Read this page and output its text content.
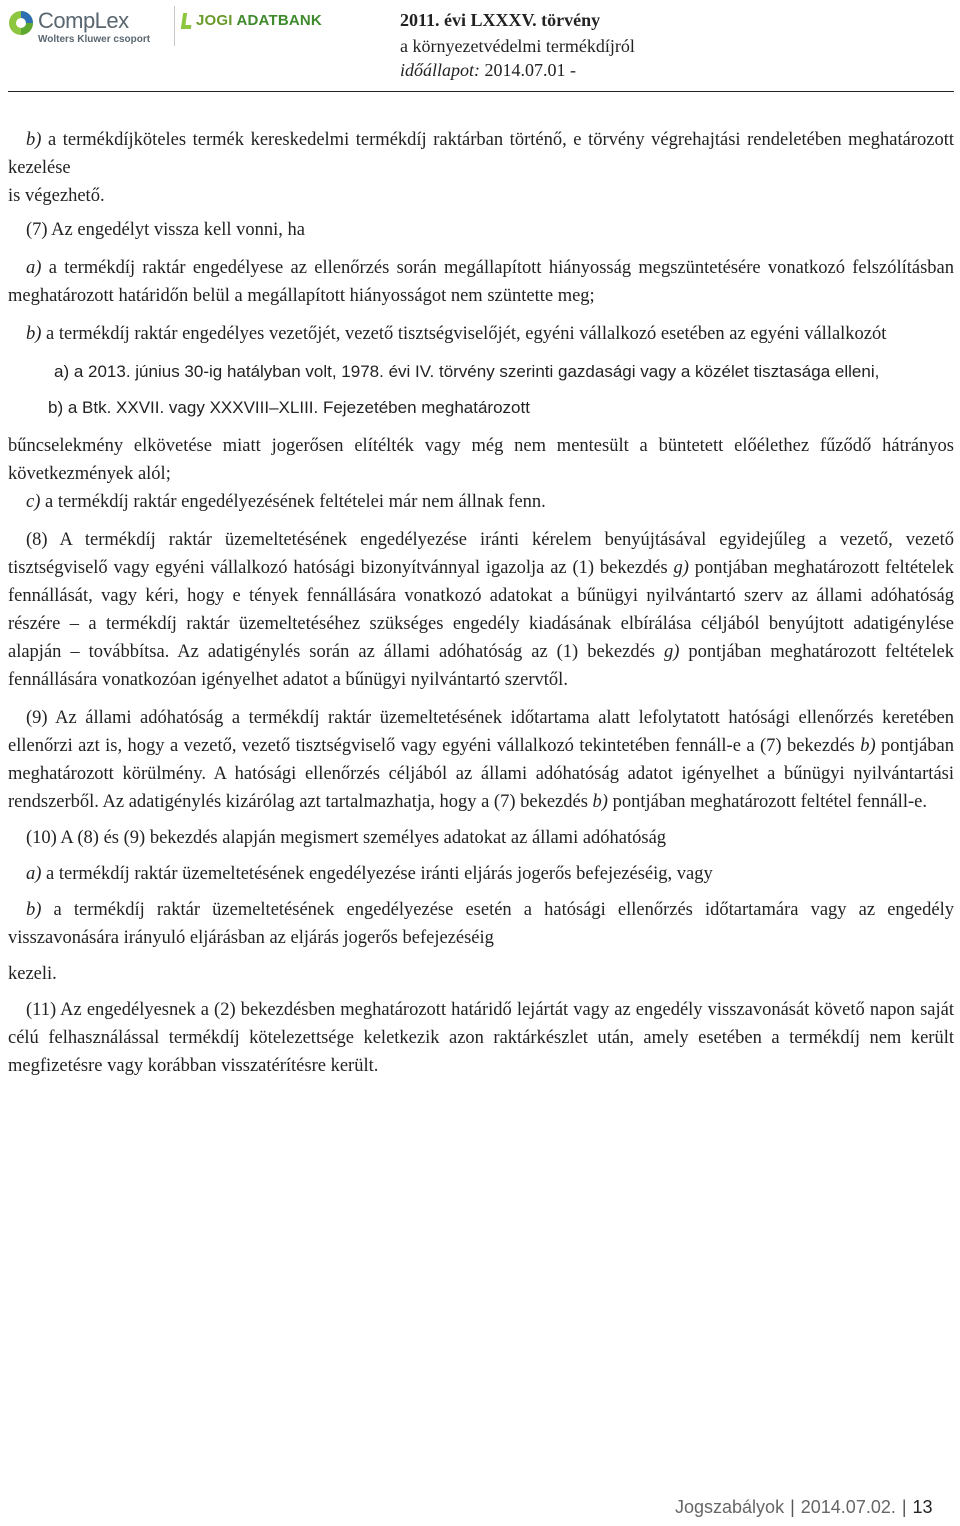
CompLex
Wolters Kluwer csoport
JOGI ADATBANK	2011. évi LXXXV. törvény
a környezetvédelmi termékdíjról
időállapot: 2014.07.01 -

b) a termékdíjköteles termék kereskedelmi termékdíj raktárban történő, e törvény végrehajtási rendeletében meghatározott kezelése

is végezhető.

(7) Az engedélyt vissza kell vonni, ha

a) a termékdíj raktár engedélyese az ellenőrzés során megállapított hiányosság megszüntetésére vonatkozó felszólításban meghatározott határidőn belül a megállapított hiányosságot nem szüntette meg;

b) a termékdíj raktár engedélyes vezetőjét, vezető tisztségviselőjét, egyéni vállalkozó esetében az egyéni vállalkozót

a) a 2013. június 30-ig hatályban volt, 1978. évi IV. törvény szerinti gazdasági vagy a közélet tisztasága elleni,

b) a Btk. XXVII. vagy XXXVIII–XLIII. Fejezetében meghatározott

bűncselekmény elkövetése miatt jogerősen elítélték vagy még nem mentesült a büntetett előélethez fűződő hátrányos következmények alól;

c) a termékdíj raktár engedélyezésének feltételei már nem állnak fenn.

(8) A termékdíj raktár üzemeltetésének engedélyezése iránti kérelem benyújtásával egyidejűleg a vezető, vezető tisztségviselő vagy egyéni vállalkozó hatósági bizonyítvánnyal igazolja az (1) bekezdés g) pontjában meghatározott feltételek fennállását, vagy kéri, hogy e tények fennállására vonatkozó adatokat a bűnügyi nyilvántartó szerv az állami adóhatóság részére – a termékdíj raktár üzemeltetéséhez szükséges engedély kiadásának elbírálása céljából benyújtott adatigénylése alapján – továbbítsa. Az adatigénylés során az állami adóhatóság az (1) bekezdés g) pontjában meghatározott feltételek fennállására vonatkozóan igényelhet adatot a bűnügyi nyilvántartó szervtől.

(9) Az állami adóhatóság a termékdíj raktár üzemeltetésének időtartama alatt lefolytatott hatósági ellenőrzés keretében ellenőrzi azt is, hogy a vezető, vezető tisztségviselő vagy egyéni vállalkozó tekintetében fennáll-e a (7) bekezdés b) pontjában meghatározott körülmény. A hatósági ellenőrzés céljából az állami adóhatóság adatot igényelhet a bűnügyi nyilvántartási rendszerből. Az adatigénylés kizárólag azt tartalmazhatja, hogy a (7) bekezdés b) pontjában meghatározott feltétel fennáll-e.

(10) A (8) és (9) bekezdés alapján megismert személyes adatokat az állami adóhatóság

a) a termékdíj raktár üzemeltetésének engedélyezése iránti eljárás jogerős befejezéséig, vagy

b) a termékdíj raktár üzemeltetésének engedélyezése esetén a hatósági ellenőrzés időtartamára vagy az engedély visszavonására irányuló eljárásban az eljárás jogerős befejezéséig

kezeli.

(11) Az engedélyesnek a (2) bekezdésben meghatározott határidő lejártát vagy az engedély visszavonását követő napon saját célú felhasználással termékdíj kötelezettsége keletkezik azon raktárkészlet után, amely esetében a termékdíj nem került megfizetésre vagy korábban visszatérítésre került.

Jogszabályok | 2014.07.02. | 13
